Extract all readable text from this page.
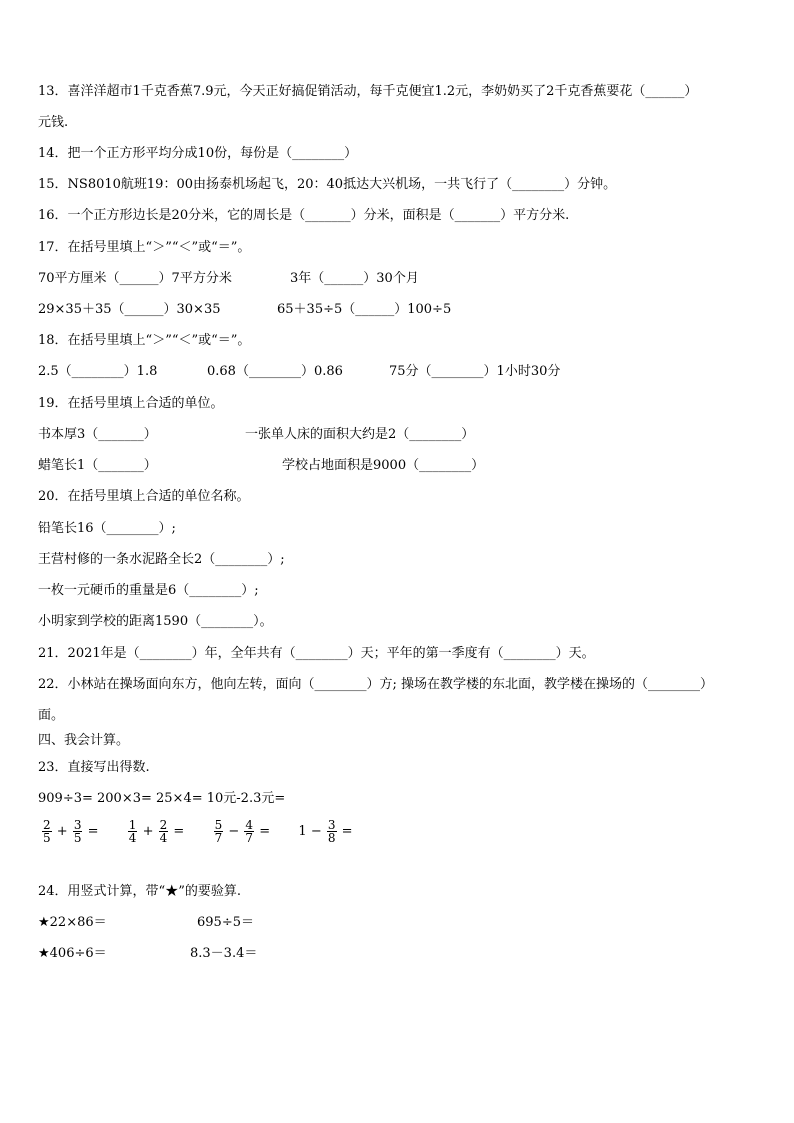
13．喜洋洋超市1千克香蕉7.9元，今天正好搞促销活动，每千克便宜1.2元，李奶奶买了2千克香蕉要花（______）
元钱.
14．把一个正方形平均分成10份，每份是（________）
15．NS8010航班19：00由扬泰机场起飞，20：40抵达大兴机场，一共飞行了（________）分钟。
16．一个正方形边长是20分米，它的周长是（_______）分米，面积是（_______）平方分米.
17．在括号里填上“＞”“＜”或“＝”。
70平方厘米（______）7平方分米	3年（______）30个月
29×35＋35（______）30×35	65＋35÷5（______）100÷5
18．在括号里填上“＞”“＜”或“＝”。
2.5（________）1.8	0.68（________）0.86	75分（________）1小时30分
19．在括号里填上合适的单位。
书本厚3（_______）	一张单人床的面积大约是2（________）
蜡笔长1（_______）	学校占地面积是9000（________）
20．在括号里填上合适的单位名称。
铅笔长16（________）;
王营村修的一条水泥路全长2（________）;
一枚一元硬币的重量是6（________）;
小明家到学校的距离1590（________）。
21．2021年是（________）年，全年共有（________）天；平年的第一季度有（________）天。
22．小林站在操场面向东方，他向左转，面向（________）方; 操场在教学楼的东北面，教学楼在操场的（________）
面。
四、我会计算。
23．直接写出得数.
909÷3= 200×3= 25×4= 10元-2.3元=
$\frac{2}{5} + \frac{3}{5} = \frac{1}{4} + \frac{2}{4} = \frac{5}{7} - \frac{4}{7} = 1 - \frac{3}{8}$ =
24．用竖式计算，带“★”的要验算.
★22×86＝	695÷5＝
★406÷6＝	8.3－3.4＝
